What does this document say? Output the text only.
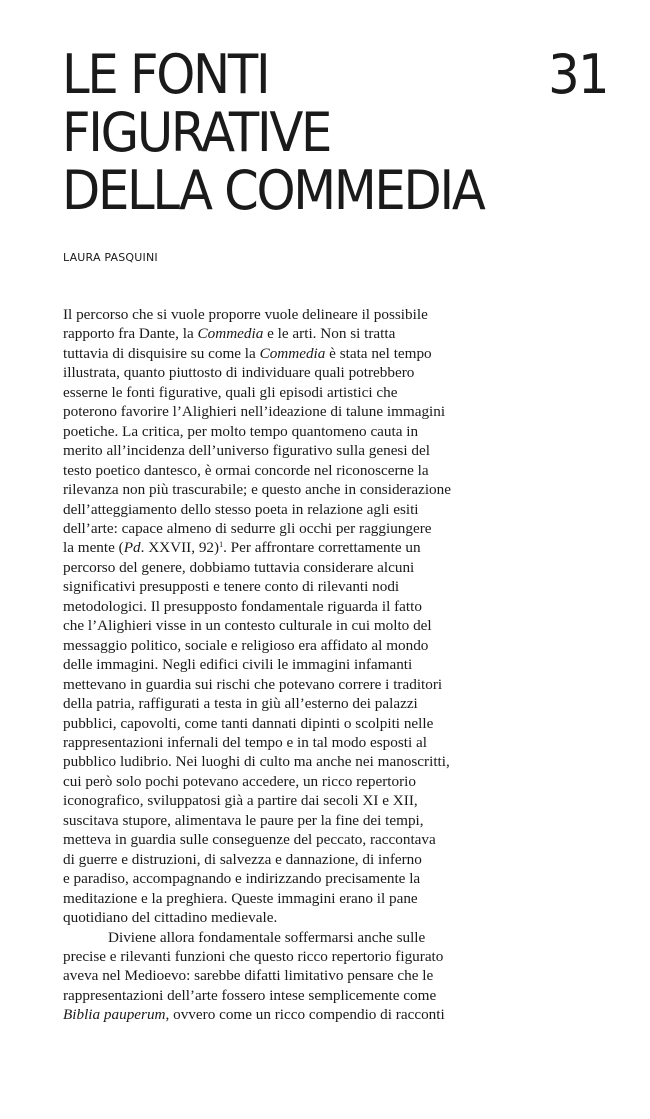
LE FONTI
FIGURATIVE
DELLA COMMEDIA
31
LAURA PASQUINI
Il percorso che si vuole proporre vuole delineare il possibile
rapporto fra Dante, la Commedia e le arti. Non si tratta
tuttavia di disquisire su come la Commedia è stata nel tempo
illustrata, quanto piuttosto di individuare quali potrebbero
esserne le fonti figurative, quali gli episodi artistici che
poterono favorire l’Alighieri nell’ideazione di talune immagini
poetiche. La critica, per molto tempo quantomeno cauta in
merito all’incidenza dell’universo figurativo sulla genesi del
testo poetico dantesco, è ormai concorde nel riconoscerne la
rilevanza non più trascurabile; e questo anche in considerazione
dell’atteggiamento dello stesso poeta in relazione agli esiti
dell’arte: capace almeno di sedurre gli occhi per raggiungere
la mente (Pd. XXVII, 92)$^1$. Per affrontare correttamente un
percorso del genere, dobbiamo tuttavia considerare alcuni
significativi presupposti e tenere conto di rilevanti nodi
metodologici. Il presupposto fondamentale riguarda il fatto
che l’Alighieri visse in un contesto culturale in cui molto del
messaggio politico, sociale e religioso era affidato al mondo
delle immagini. Negli edifici civili le immagini infamanti
mettevano in guardia sui rischi che potevano correre i traditori
della patria, raffigurati a testa in giù all’esterno dei palazzi
pubblici, capovolti, come tanti dannati dipinti o scolpiti nelle
rappresentazioni infernali del tempo e in tal modo esposti al
pubblico ludibrio. Nei luoghi di culto ma anche nei manoscritti,
cui però solo pochi potevano accedere, un ricco repertorio
iconografico, sviluppatosi già a partire dai secoli XI e XII,
suscitava stupore, alimentava le paure per la fine dei tempi,
metteva in guardia sulle conseguenze del peccato, raccontava
di guerre e distruzioni, di salvezza e dannazione, di inferno
e paradiso, accompagnando e indirizzando precisamente la
meditazione e la preghiera. Queste immagini erano il pane
quotidiano del cittadino medievale.
Diviene allora fondamentale soffermarsi anche sulle
precise e rilevanti funzioni che questo ricco repertorio figurato
aveva nel Medioevo: sarebbe difatti limitativo pensare che le
rappresentazioni dell’arte fossero intese semplicemente come
Biblia pauperum, ovvero come un ricco compendio di racconti
